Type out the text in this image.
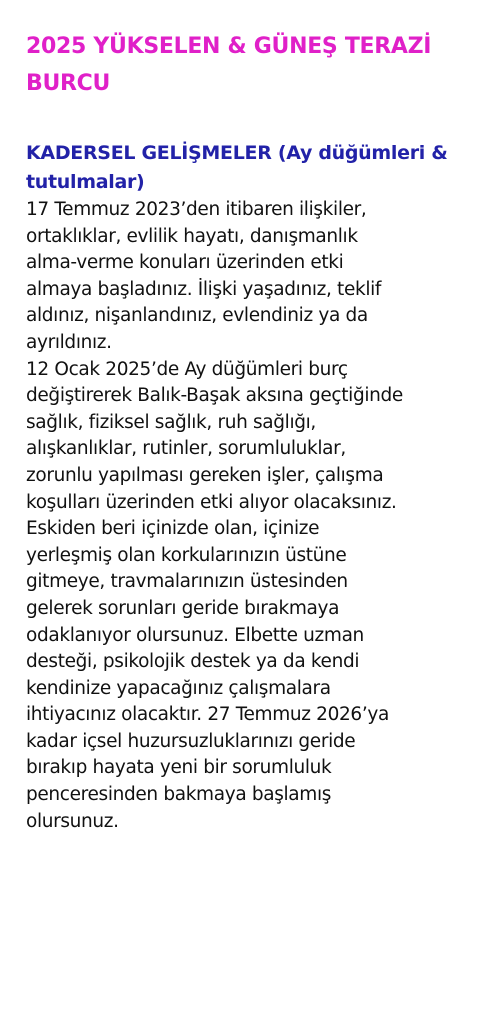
2025 YÜKSELEN & GÜNEŞ TERAZİ
BURCU
KADERSEL GELİŞMELER (Ay düğümleri &
tutulmalar)

17 Temmuz 2023’den itibaren ilişkiler,
ortaklıklar, evlilik hayatı, danışmanlık
alma-verme konuları üzerinden etki
almaya başladınız. İlişki yaşadınız, teklif
aldınız, nişanlandınız, evlendiniz ya da
ayrıldınız.

12 Ocak 2025’de Ay düğümleri burç
değiştirerek Balık-Başak aksına geçtiğinde
sağlık, fiziksel sağlık, ruh sağlığı,
alışkanlıklar, rutinler, sorumluluklar,
zorunlu yapılması gereken işler, çalışma
koşulları üzerinden etki alıyor olacaksınız.
Eskiden beri içinizde olan, içinize
yerleşmiş olan korkularınızın üstüne
gitmeye, travmalarınızın üstesinden
gelerek sorunları geride bırakmaya
odaklanıyor olursunuz. Elbette uzman
desteği, psikolojik destek ya da kendi
kendinize yapacağınız çalışmalara
ihtiyacınız olacaktır. 27 Temmuz 2026’ya
kadar içsel huzursuzluklarınızı geride
bırakıp hayata yeni bir sorumluluk
penceresinden bakmaya başlamış
olursunuz.
